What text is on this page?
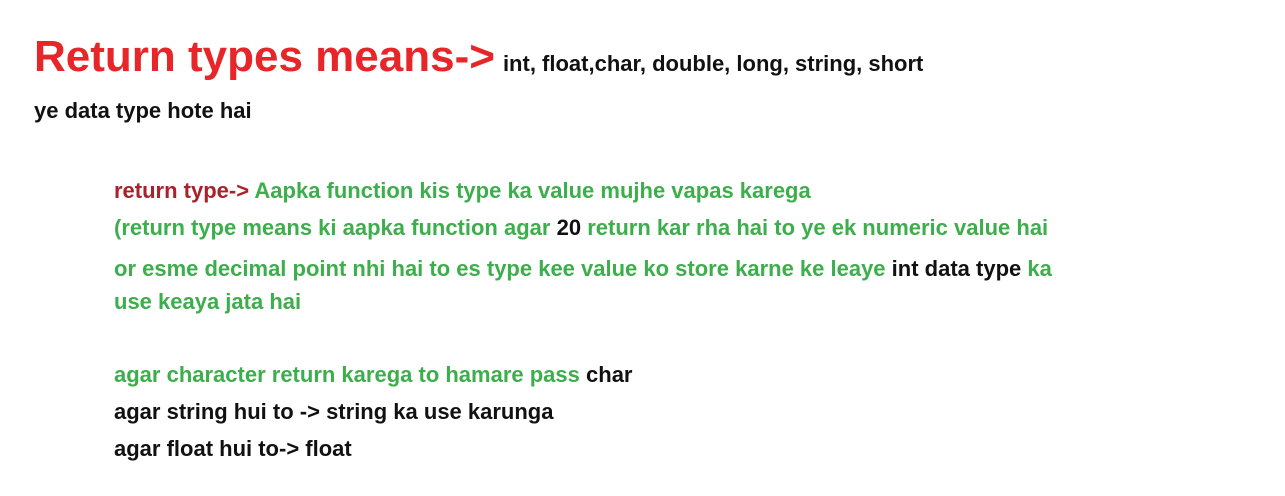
Return types means-> int, float,char, double, long, string, short
ye data type hote hai
return type-> Aapka function kis type ka value mujhe vapas karega
(return type means ki aapka function agar 20 return kar rha hai to ye ek numeric value hai
or esme decimal point nhi hai to es type kee value ko store karne ke leaye int data type ka
use keaya jata hai
agar character return karega to hamare pass char
agar string hui to -> string ka use karunga
agar float hui to-> float
